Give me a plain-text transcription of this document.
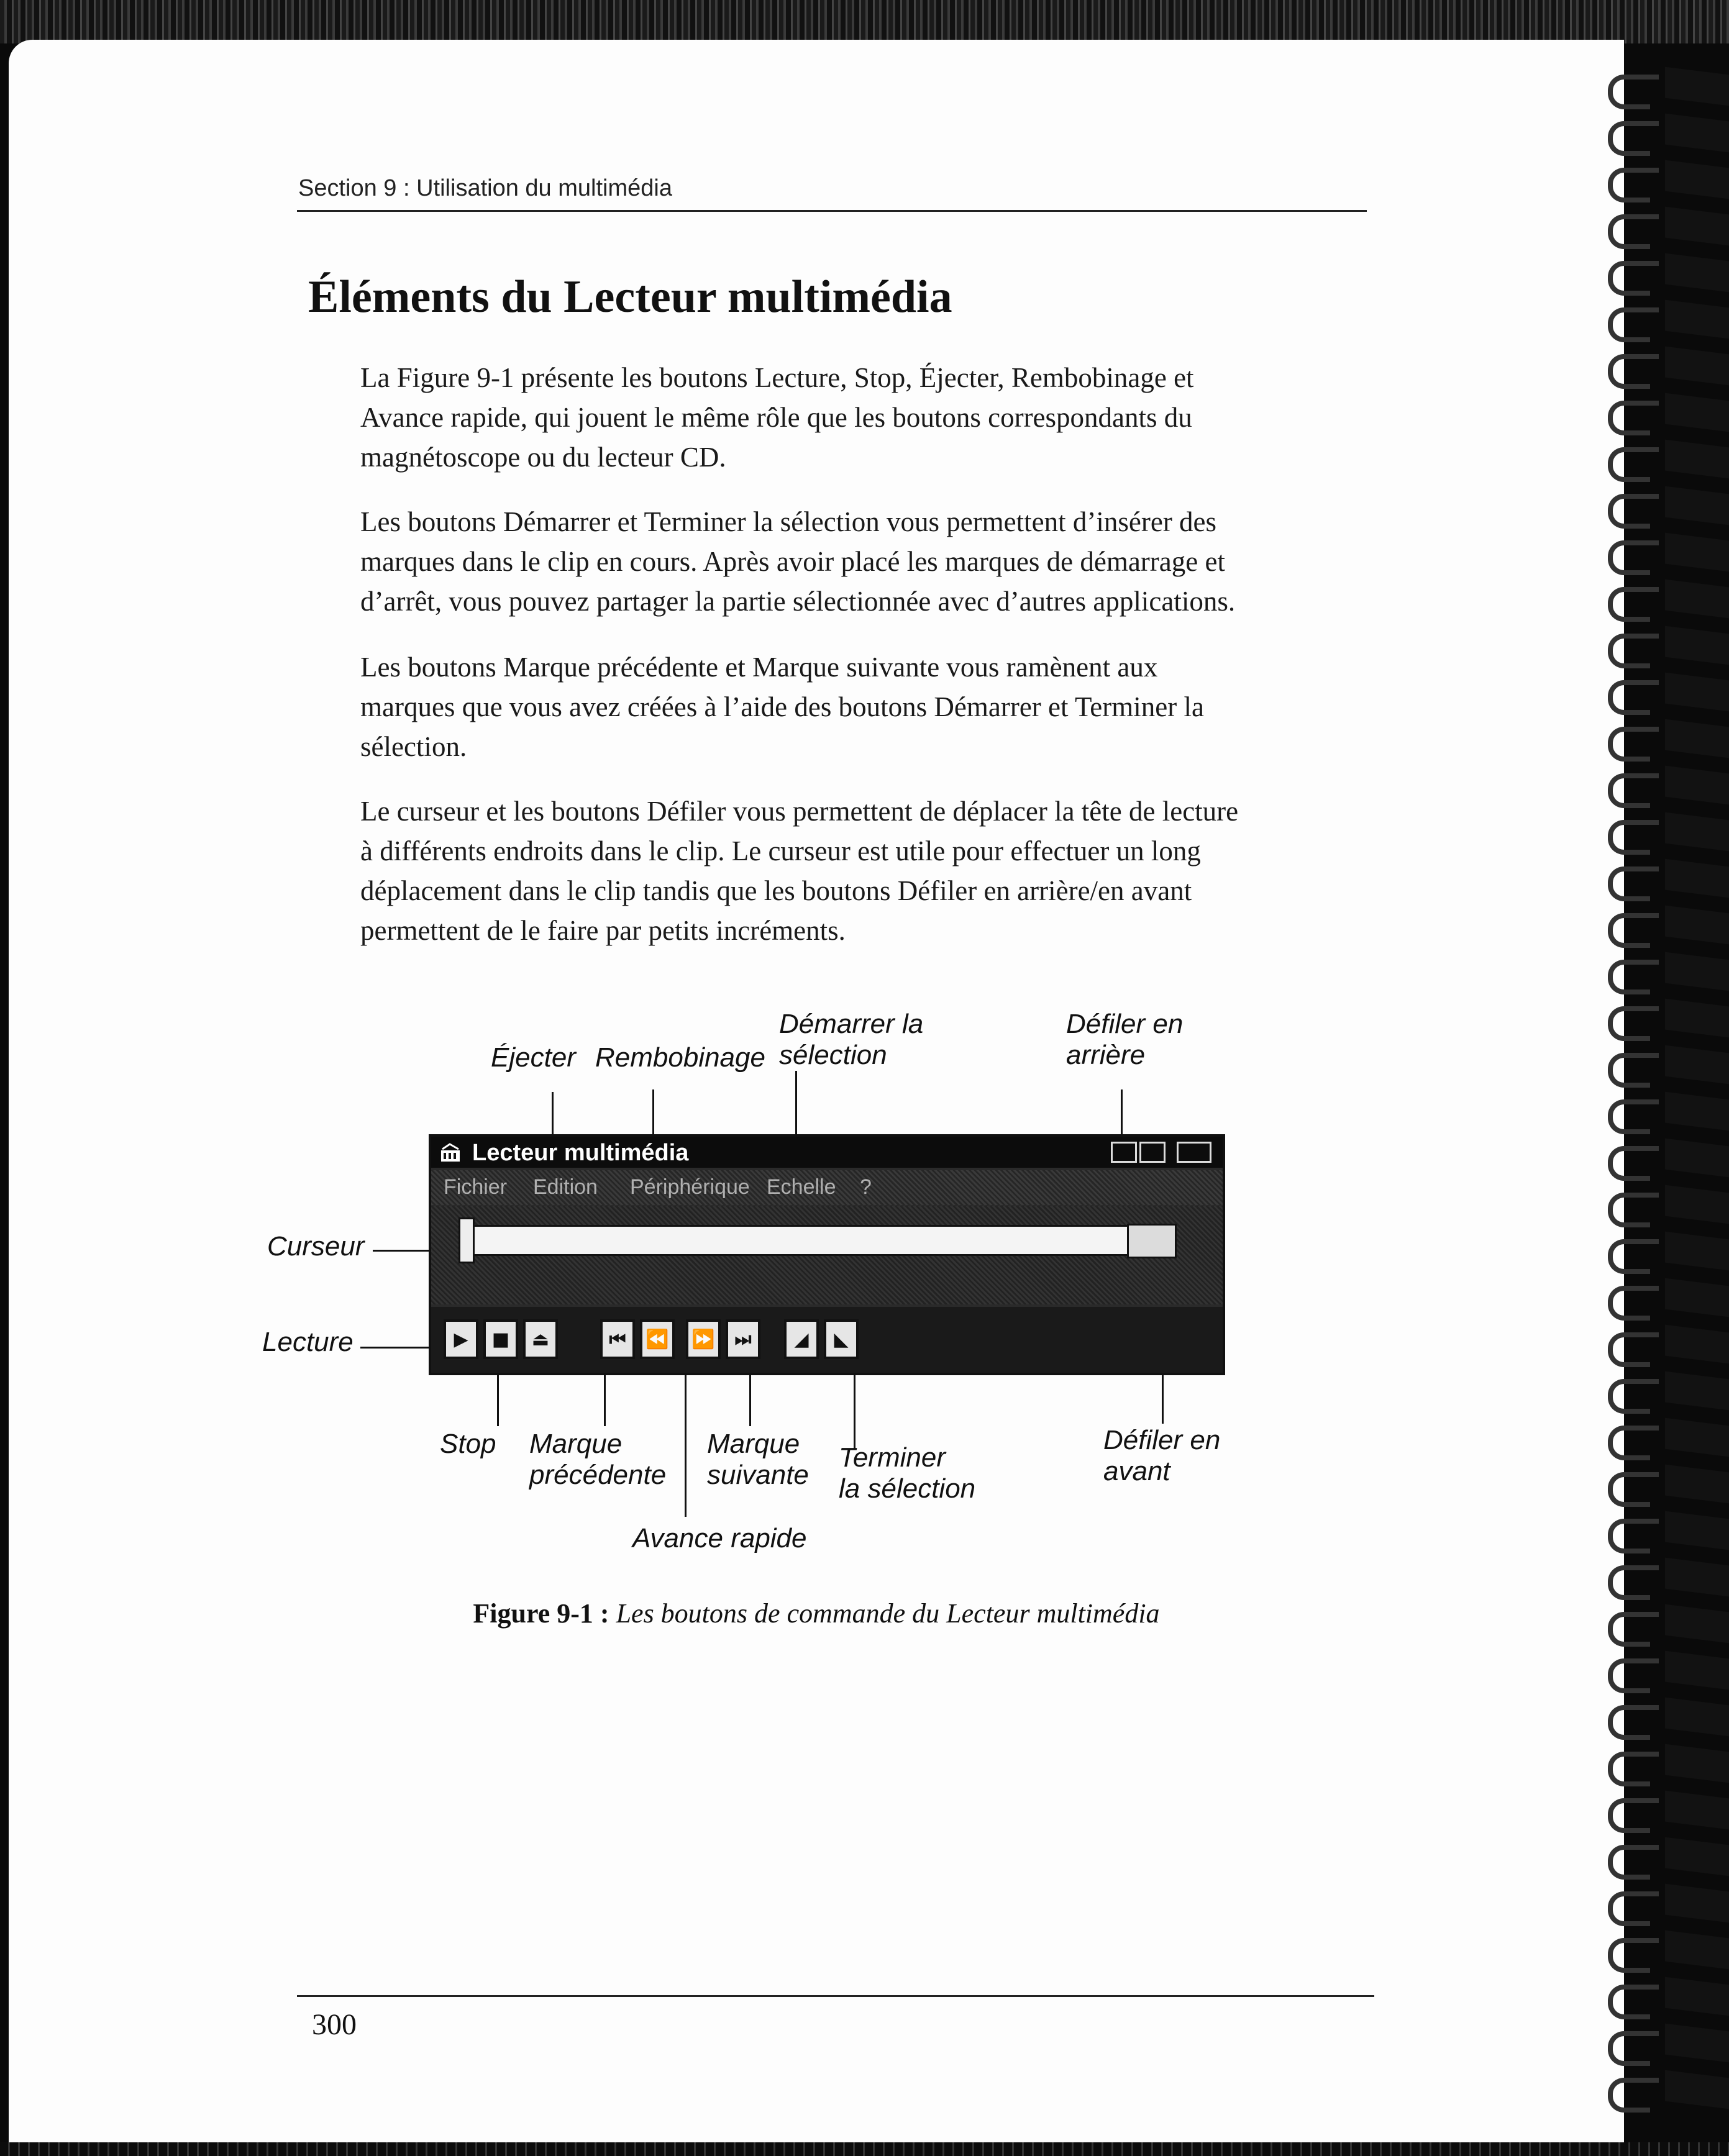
Section 9 : Utilisation du multimédia
Éléments du Lecteur multimédia
La Figure 9-1 présente les boutons Lecture, Stop, Éjecter, Rembobinage et
Avance rapide, qui jouent le même rôle que les boutons correspondants du
magnétoscope ou du lecteur CD.
Les boutons Démarrer et Terminer la sélection vous permettent d’insérer des
marques dans le clip en cours. Après avoir placé les marques de démarrage et
d’arrêt, vous pouvez partager la partie sélectionnée avec d’autres applications.
Les boutons Marque précédente et Marque suivante vous ramènent aux
marques que vous avez créées à l’aide des boutons Démarrer et Terminer la
sélection.
Le curseur et les boutons Défiler vous permettent de déplacer la tête de lecture
à différents endroits dans le clip. Le curseur est utile pour effectuer un long
déplacement dans le clip tandis que les boutons Défiler en arrière/en avant
permettent de le faire par petits incréments.
Éjecter Rembobinage
Démarrer la
sélection
Défiler en
arrière
Curseur
Lecture
Lecteur multimédia
Fichier Edition Périphérique Echelle ?
▶	■	⏏	⏮	⏪	⏩	⏭	◢	◣
Stop Marque
précédente
Marque
suivante
Terminer
la sélection
Défiler en
avant
Avance rapide
Figure 9-1 : Les boutons de commande du Lecteur multimédia
300
